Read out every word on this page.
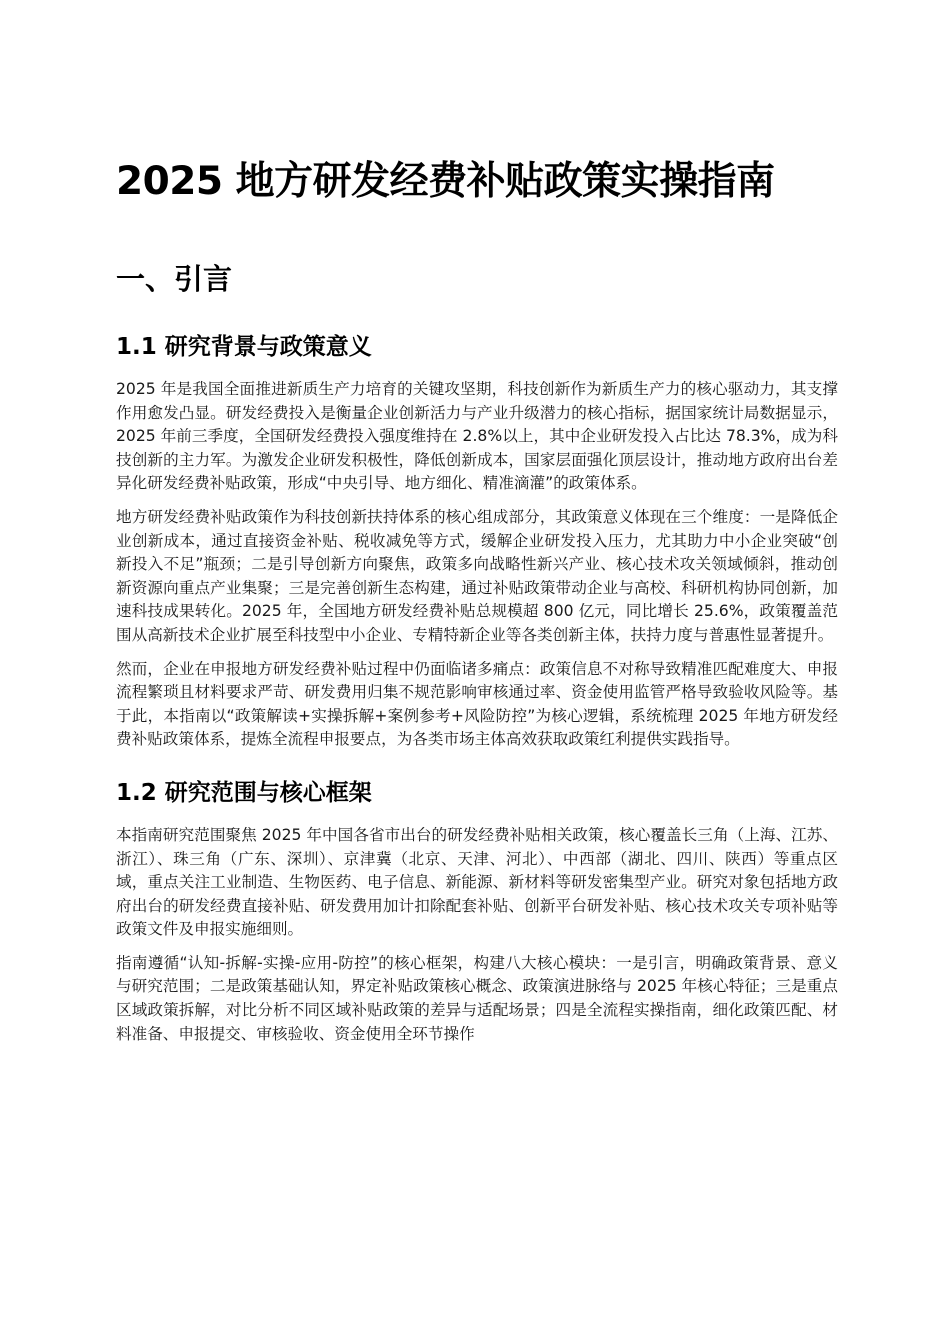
2025 地方研发经费补贴政策实操指南
一、引言
1.1 研究背景与政策意义

2025 年是我国全面推进新质生产力培育的关键攻坚期，科技创新作为新质生产力的核心驱动力，其支撑作用愈发凸显。研发经费投入是衡量企业创新活力与产业升级潜力的核心指标，据国家统计局数据显示，2025 年前三季度，全国研发经费投入强度维持在 2.8%以上，其中企业研发投入占比达 78.3%，成为科技创新的主力军。为激发企业研发积极性，降低创新成本，国家层面强化顶层设计，推动地方政府出台差异化研发经费补贴政策，形成“中央引导、地方细化、精准滴灌”的政策体系。

地方研发经费补贴政策作为科技创新扶持体系的核心组成部分，其政策意义体现在三个维度：一是降低企业创新成本，通过直接资金补贴、税收减免等方式，缓解企业研发投入压力，尤其助力中小企业突破“创新投入不足”瓶颈；二是引导创新方向聚焦，政策多向战略性新兴产业、核心技术攻关领域倾斜，推动创新资源向重点产业集聚；三是完善创新生态构建，通过补贴政策带动企业与高校、科研机构协同创新，加速科技成果转化。2025 年，全国地方研发经费补贴总规模超 800 亿元，同比增长 25.6%，政策覆盖范围从高新技术企业扩展至科技型中小企业、专精特新企业等各类创新主体，扶持力度与普惠性显著提升。

然而，企业在申报地方研发经费补贴过程中仍面临诸多痛点：政策信息不对称导致精准匹配难度大、申报流程繁琐且材料要求严苛、研发费用归集不规范影响审核通过率、资金使用监管严格导致验收风险等。基于此，本指南以“政策解读+实操拆解+案例参考+风险防控”为核心逻辑，系统梳理 2025 年地方研发经费补贴政策体系，提炼全流程申报要点，为各类市场主体高效获取政策红利提供实践指导。

1.2 研究范围与核心框架

本指南研究范围聚焦 2025 年中国各省市出台的研发经费补贴相关政策，核心覆盖长三角（上海、江苏、浙江）、珠三角（广东、深圳）、京津冀（北京、天津、河北）、中西部（湖北、四川、陕西）等重点区域，重点关注工业制造、生物医药、电子信息、新能源、新材料等研发密集型产业。研究对象包括地方政府出台的研发经费直接补贴、研发费用加计扣除配套补贴、创新平台研发补贴、核心技术攻关专项补贴等政策文件及申报实施细则。

指南遵循“认知-拆解-实操-应用-防控”的核心框架，构建八大核心模块：一是引言，明确政策背景、意义与研究范围；二是政策基础认知，界定补贴政策核心概念、政策演进脉络与 2025 年核心特征；三是重点区域政策拆解，对比分析不同区域补贴政策的差异与适配场景；四是全流程实操指南，细化政策匹配、材料准备、申报提交、审核验收、资金使用全环节操作
